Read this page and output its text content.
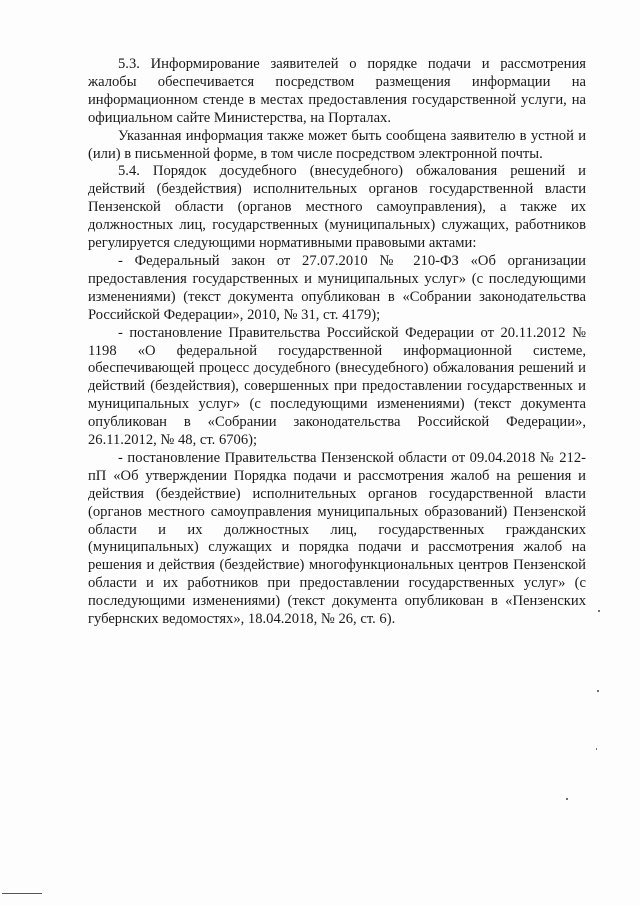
5.3. Информирование заявителей о порядке подачи и рассмотрения жалобы обеспечивается посредством размещения информации на информационном стенде в местах предоставления государственной услуги, на официальном сайте Министерства, на Порталах.

Указанная информация также может быть сообщена заявителю в устной и (или) в письменной форме, в том числе посредством электронной почты.

5.4. Порядок досудебного (внесудебного) обжалования решений и действий (бездействия) исполнительных органов государственной власти Пензенской области (органов местного самоуправления), а также их должностных лиц, государственных (муниципальных) служащих, работников регулируется следующими нормативными правовыми актами:

- Федеральный закон от 27.07.2010 № 210-ФЗ «Об организации предоставления государственных и муниципальных услуг» (с последующими изменениями) (текст документа опубликован в «Собрании законодательства Российской Федерации», 2010, № 31, ст. 4179);

- постановление Правительства Российской Федерации от 20.11.2012 № 1198 «О федеральной государственной информационной системе, обеспечивающей процесс досудебного (внесудебного) обжалования решений и действий (бездействия), совершенных при предоставлении государственных и муниципальных услуг» (с последующими изменениями) (текст документа опубликован в «Собрании законодательства Российской Федерации», 26.11.2012, № 48, ст. 6706);

- постановление Правительства Пензенской области от 09.04.2018 № 212-пП «Об утверждении Порядка подачи и рассмотрения жалоб на решения и действия (бездействие) исполнительных органов государственной власти (органов местного самоуправления муниципальных образований) Пензенской области и их должностных лиц, государственных гражданских (муниципальных) служащих и порядка подачи и рассмотрения жалоб на решения и действия (бездействие) многофункциональных центров Пензенской области и их работников при предоставлении государственных услуг» (с последующими изменениями) (текст документа опубликован в «Пензенских губернских ведомостях», 18.04.2018, № 26, ст. 6).
